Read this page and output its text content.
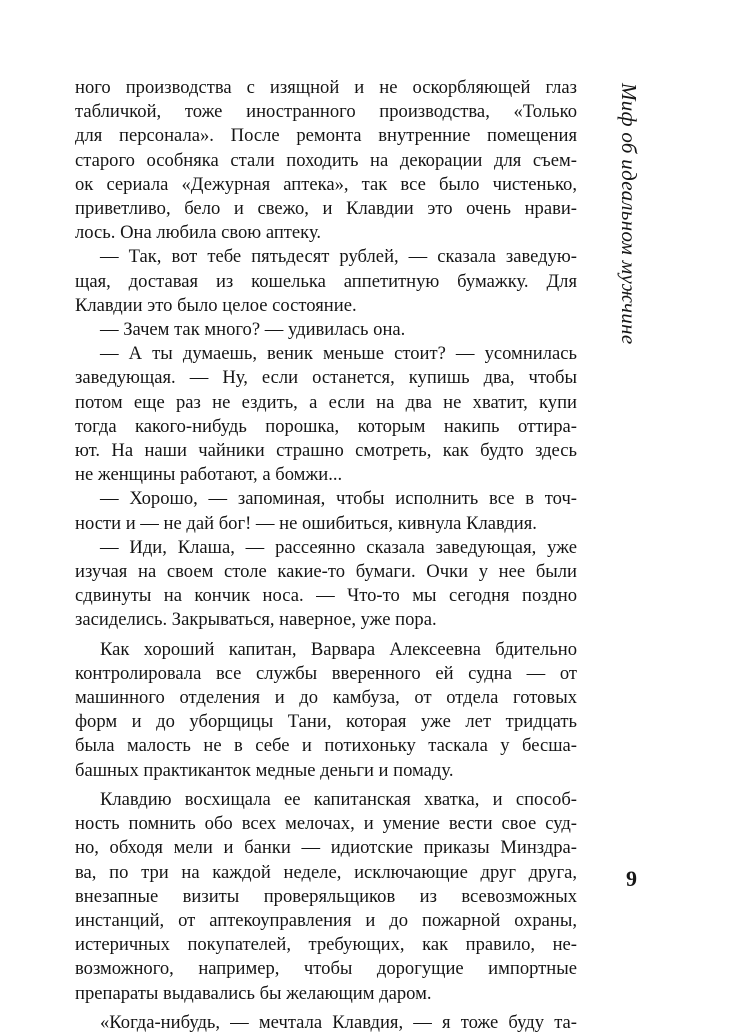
ного производства с изящной и не оскорбляющей глаз

табличкой, тоже иностранного производства, «Только

для персонала». После ремонта внутренние помещения

старого особняка стали походить на декорации для съем-

ок сериала «Дежурная аптека», так все было чистенько,

приветливо, бело и свежо, и Клавдии это очень нрави-

лось. Она любила свою аптеку.

— Так, вот тебе пятьдесят рублей, — сказала заведую-

щая, доставая из кошелька аппетитную бумажку. Для

Клавдии это было целое состояние.

— Зачем так много? — удивилась она.

— А ты думаешь, веник меньше стоит? — усомнилась

заведующая. — Ну, если останется, купишь два, чтобы

потом еще раз не ездить, а если на два не хватит, купи

тогда какого-нибудь порошка, которым накипь оттира-

ют. На наши чайники страшно смотреть, как будто здесь

не женщины работают, а бомжи...

— Хорошо, — запоминая, чтобы исполнить все в точ-

ности и — не дай бог! — не ошибиться, кивнула Клавдия.

— Иди, Клаша, — рассеянно сказала заведующая, уже

изучая на своем столе какие-то бумаги. Очки у нее были

сдвинуты на кончик носа. — Что-то мы сегодня поздно

засиделись. Закрываться, наверное, уже пора.

Как хороший капитан, Варвара Алексеевна бдительно

контролировала все службы вверенного ей судна — от

машинного отделения и до камбуза, от отдела готовых

форм и до уборщицы Тани, которая уже лет тридцать

была малость не в себе и потихоньку таскала у бесша-

башных практиканток медные деньги и помаду.

Клавдию восхищала ее капитанская хватка, и способ-

ность помнить обо всех мелочах, и умение вести свое суд-

но, обходя мели и банки — идиотские приказы Минздра-

ва, по три на каждой неделе, исключающие друг друга,

внезапные визиты проверяльщиков из всевозможных

инстанций, от аптекоуправления и до пожарной охраны,

истеричных покупателей, требующих, как правило, не-

возможного, например, чтобы дорогущие импортные

препараты выдавались бы желающим даром.

«Когда-нибудь, — мечтала Клавдия, — я тоже буду та-

Миф об идеальном мужчине
9
